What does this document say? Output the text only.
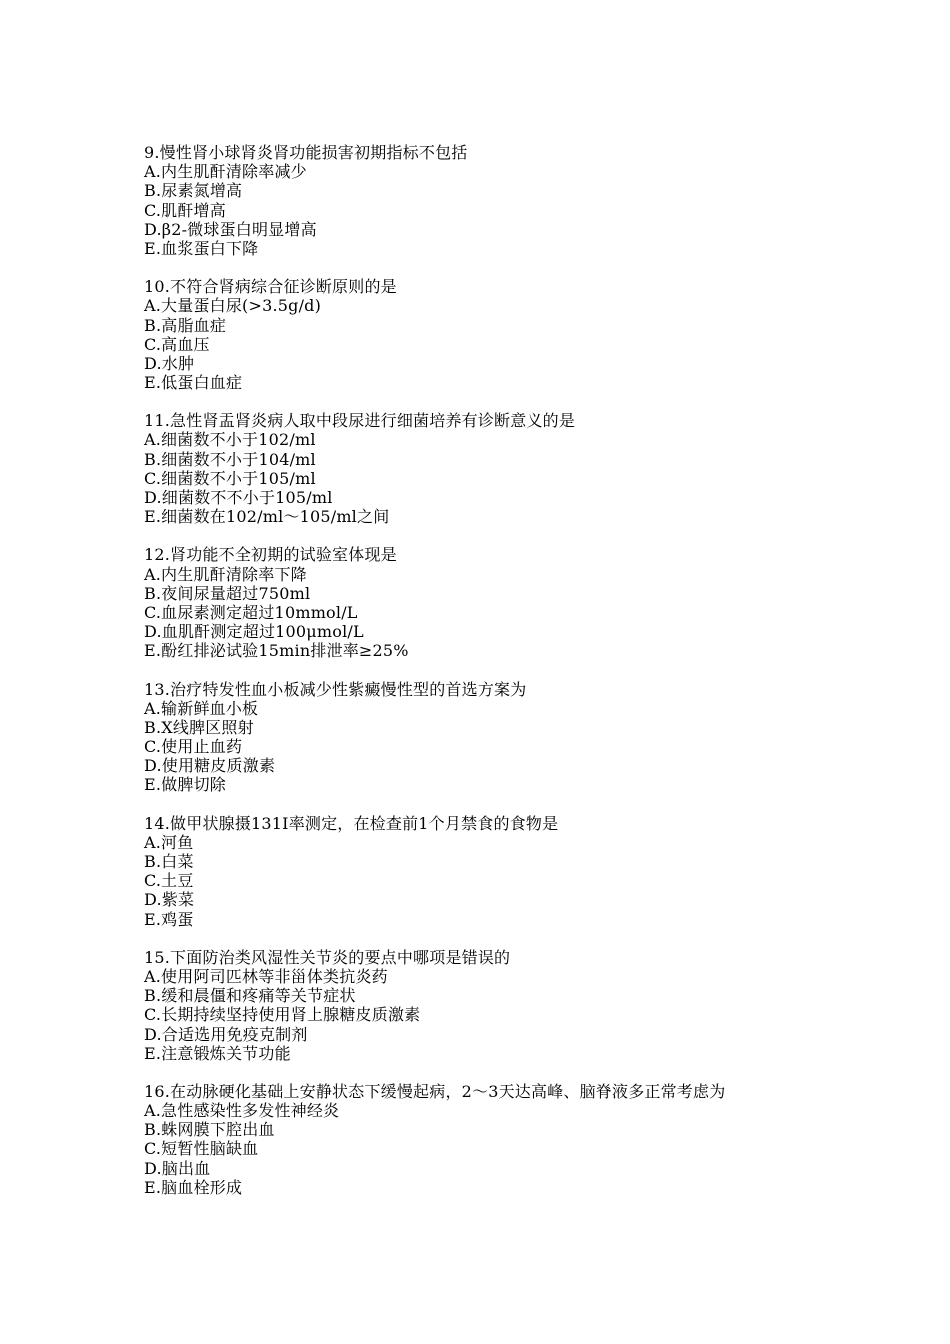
9.慢性肾小球肾炎肾功能损害初期指标不包括
A.内生肌酐清除率减少
B.尿素氮增高
C.肌酐增高
D.β2-微球蛋白明显增高
E.血浆蛋白下降
10.不符合肾病综合征诊断原则的是
A.大量蛋白尿(>3.5g/d)
B.高脂血症
C.高血压
D.水肿
E.低蛋白血症
11.急性肾盂肾炎病人取中段尿进行细菌培养有诊断意义的是
A.细菌数不小于102/ml
B.细菌数不小于104/ml
C.细菌数不小于105/ml
D.细菌数不不小于105/ml
E.细菌数在102/ml～105/ml之间
12.肾功能不全初期的试验室体现是
A.内生肌酐清除率下降
B.夜间尿量超过750ml
C.血尿素测定超过10mmol/L
D.血肌酐测定超过100μmol/L
E.酚红排泌试验15min排泄率≥25%
13.治疗特发性血小板减少性紫癜慢性型的首选方案为
A.输新鲜血小板
B.X线脾区照射
C.使用止血药
D.使用糖皮质激素
E.做脾切除
14.做甲状腺摄131I率测定，在检查前1个月禁食的食物是
A.河鱼
B.白菜
C.土豆
D.紫菜
E.鸡蛋
15.下面防治类风湿性关节炎的要点中哪项是错误的
A.使用阿司匹林等非甾体类抗炎药
B.缓和晨僵和疼痛等关节症状
C.长期持续坚持使用肾上腺糖皮质激素
D.合适选用免疫克制剂
E.注意锻炼关节功能
16.在动脉硬化基础上安静状态下缓慢起病，2～3天达高峰、脑脊液多正常考虑为
A.急性感染性多发性神经炎
B.蛛网膜下腔出血
C.短暂性脑缺血
D.脑出血
E.脑血栓形成
